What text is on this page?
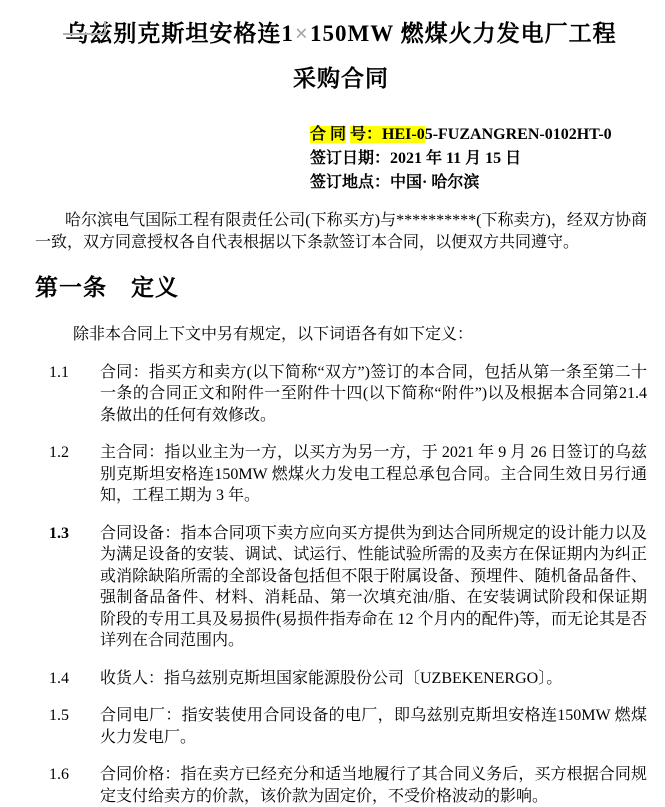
乌兹别克斯坦安格连1×150MW 燃煤火力发电厂工程
采购合同
合 同 号：HEI-05-FUZANGREN-0102HT-0
签订日期：2021 年 11 月 15 日
签订地点：中国· 哈尔滨

哈尔滨电气国际工程有限责任公司(下称买方)与**********(下称卖方)，经双方协商一致，双方同意授权各自代表根据以下条款签订本合同，以便双方共同遵守。

第一条　定义

除非本合同上下文中另有规定，以下词语各有如下定义：

1.1	合同：指买方和卖方(以下简称“双方”)签订的本合同，包括从第一条至第二十一条的合同正文和附件一至附件十四(以下简称“附件”)以及根据本合同第21.4 条做出的任何有效修改。
1.2	主合同：指以业主为一方，以买方为另一方，于 2021 年 9 月 26 日签订的乌兹别克斯坦安格连150MW 燃煤火力发电工程总承包合同。主合同生效日另行通知，工程工期为 3 年。
1.3	合同设备：指本合同项下卖方应向买方提供为到达合同所规定的设计能力以及为满足设备的安装、调试、试运行、性能试验所需的及卖方在保证期内为纠正或消除缺陷所需的全部设备包括但不限于附属设备、预埋件、随机备品备件、强制备品备件、材料、消耗品、第一次填充油/脂、在安装调试阶段和保证期阶段的专用工具及易损件(易损件指寿命在 12 个月内的配件)等，而无论其是否详列在合同范围内。
1.4	收货人：指乌兹别克斯坦国家能源股份公司〔UZBEKENERGO〕。
1.5	合同电厂：指安装使用合同设备的电厂，即乌兹别克斯坦安格连150MW 燃煤火力发电厂。
1.6	合同价格：指在卖方已经充分和适当地履行了其合同义务后，买方根据合同规定支付给卖方的价款，该价款为固定价，不受价格波动的影响。
